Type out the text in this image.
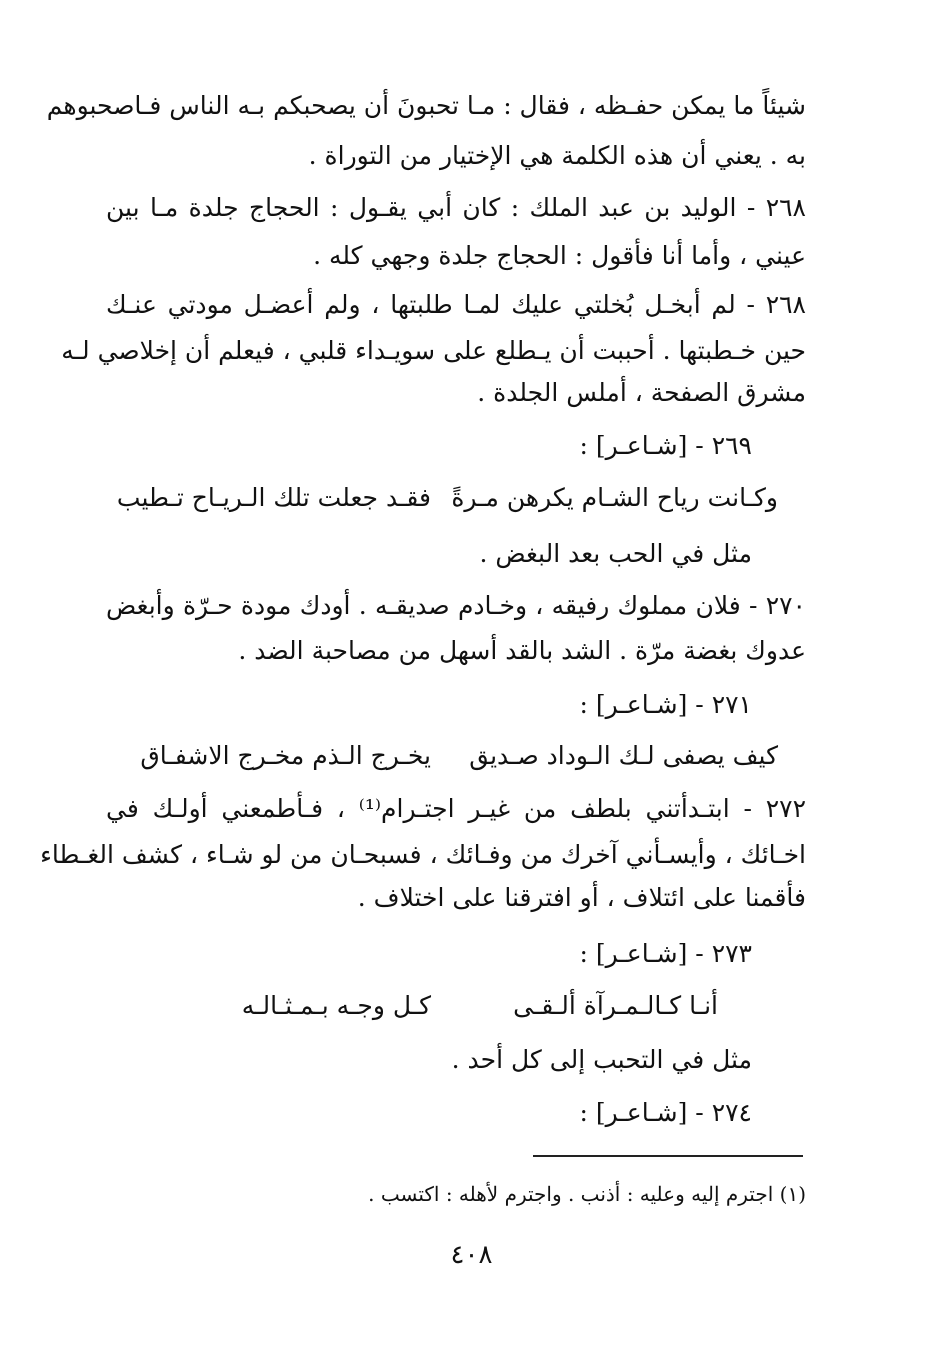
شيئاً ما يمكن حفـظه ، فقال : مـا تحبونَ أن يصحبكم بـه الناس فـاصحبوهم
به . يعني أن هذه الكلمة هي الإختيار من التوراة .
٢٦٨ - الوليد بن عبد الملك : كان أبي يقـول : الحجاج جلدة مـا بين
عيني ، وأما أنا فأقول : الحجاج جلدة وجهي كله .
٢٦٨ - لم أبخـل بُخلتي عليك لمـا طلبتها ، ولم أعضـل مودتي عنـك
حين خـطبتها . أحببت أن يـطلع على سويـداء قلبي ، فيعلم أن إخلاصي لـه
مشرق الصفحة ، أملس الجلدة .
٢٦٩ - [شـاعـر] :
وكـانت رياح الشـام يكرهن مـرةً
فقـد جعلت تلك الـريـاح تـطيب
مثل في الحب بعد البغض .
٢٧٠ - فلان مملوك رفيقه ، وخـادم صديقـه . أودك مودة حـرّة وأبغض
عدوك بغضة مرّة . الشد بالقد أسهل من مصاحبة الضد .
٢٧١ - [شـاعـر] :
كيف يصفى لـك الـوداد صـديق
يخـرج الـذم مخـرج الاشفـاق
٢٧٢ - ابتـدأتني بلطف من غيـر اجتـرام⁽¹⁾ ، فـأطمعني أولـك في
اخـائك ، وأيسـأني آخرك من وفـائك ، فسبحـان من لو شـاء ، كشف الغـطاء
فأقمنا على ائتلاف ، أو افترقنا على اختلاف .
٢٧٣ - [شـاعـر] :
أنـا كـالـمـرآة ألـقـى
كـل وجـه بـمـثـالـه
مثل في التحبب إلى كل أحد .
٢٧٤ - [شـاعـر] :
(١) اجترم إليه وعليه : أذنب . واجترم لأهله : اكتسب .
٤٠٨
